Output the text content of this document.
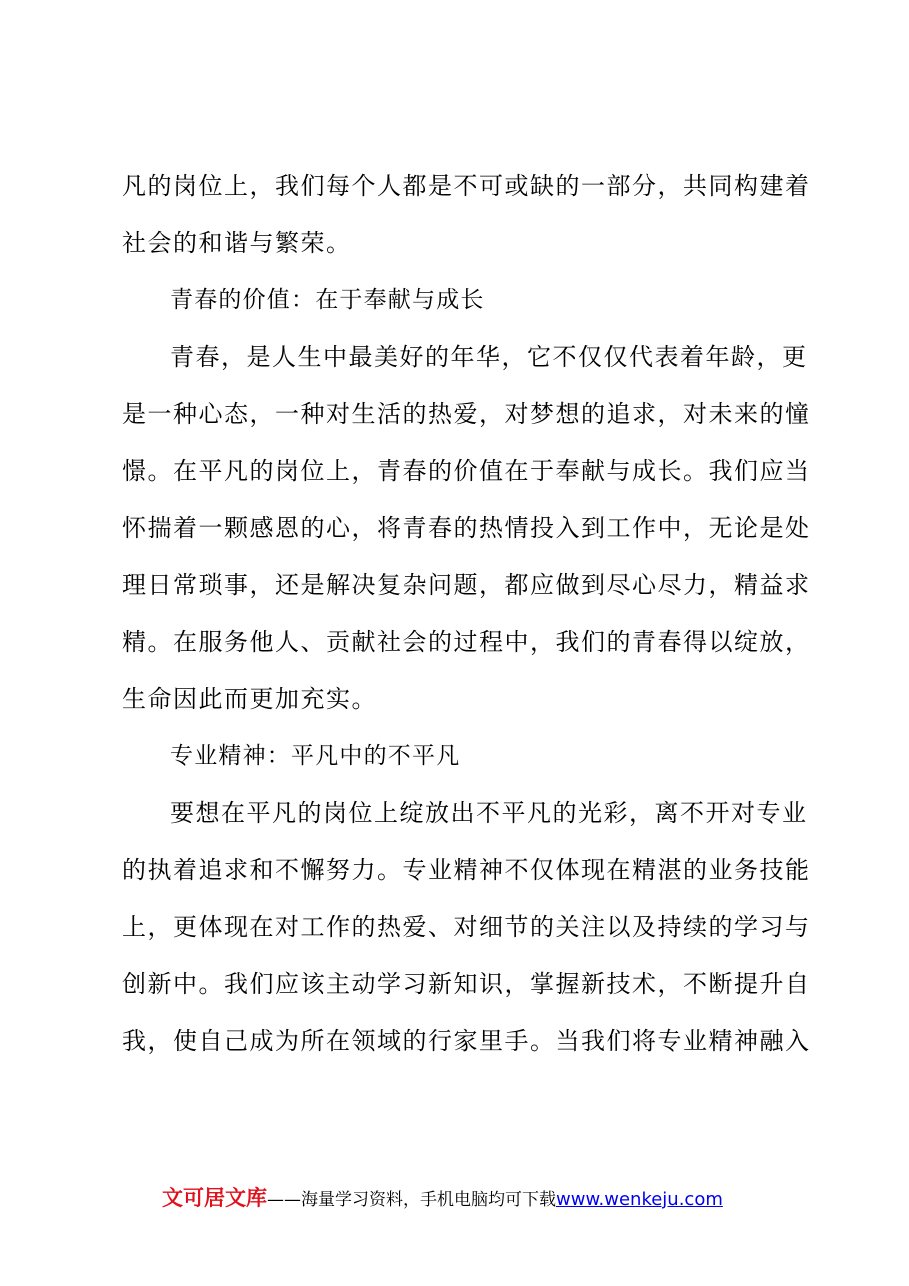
凡的岗位上，我们每个人都是不可或缺的一部分，共同构建着
社会的和谐与繁荣。
青春的价值：在于奉献与成长
青春，是人生中最美好的年华，它不仅仅代表着年龄，更
是一种心态，一种对生活的热爱，对梦想的追求，对未来的憧
憬。在平凡的岗位上，青春的价值在于奉献与成长。我们应当
怀揣着一颗感恩的心，将青春的热情投入到工作中，无论是处
理日常琐事，还是解决复杂问题，都应做到尽心尽力，精益求
精。在服务他人、贡献社会的过程中，我们的青春得以绽放，
生命因此而更加充实。
专业精神：平凡中的不平凡
要想在平凡的岗位上绽放出不平凡的光彩，离不开对专业
的执着追求和不懈努力。专业精神不仅体现在精湛的业务技能
上，更体现在对工作的热爱、对细节的关注以及持续的学习与
创新中。我们应该主动学习新知识，掌握新技术，不断提升自
我，使自己成为所在领域的行家里手。当我们将专业精神融入
文可居文库——海量学习资料，手机电脑均可下载www.wenkeju.com
